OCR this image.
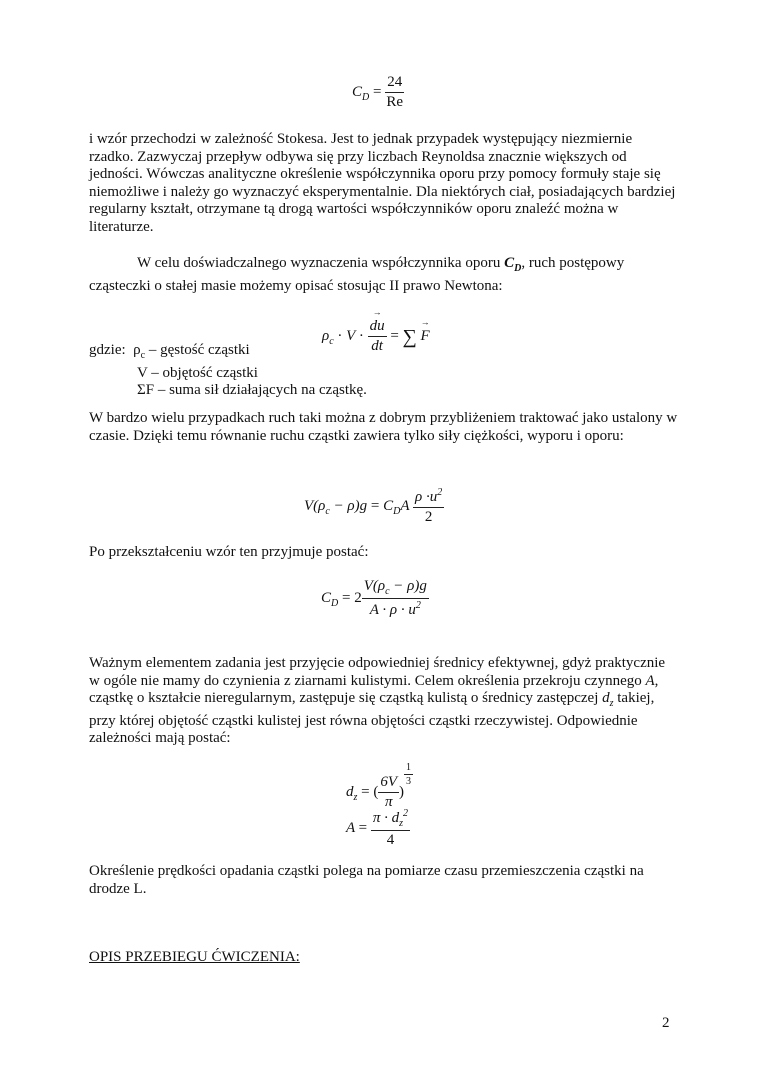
$C_D = \frac{24}{Re}$
i wzór przechodzi w zależność Stokesa. Jest to jednak przypadek występujący niezmiernie rzadko. Zazwyczaj przepływ odbywa się przy liczbach Reynoldsa znacznie większych od jedności. Wówczas analityczne określenie współczynnika oporu przy pomocy formuły staje się niemożliwe i należy go wyznaczyć eksperymentalnie. Dla niektórych ciał, posiadających bardziej regularny kształt, otrzymane tą drogą wartości współczynników oporu znaleźć można w literaturze.
W celu doświadczalnego wyznaczenia współczynnika oporu $C_D$, ruch postępowy cząsteczki o stałej masie możemy opisać stosując II prawo Newtona:
$\rho_c \cdot V$ · → $\frac{du}{dt}$ = ∑ → F
gdzie: $\rho_c$ – gęstość cząstki
V – objętość cząstki
ΣF – suma sił działających na cząstkę.
W bardzo wielu przypadkach ruch taki można z dobrym przybliżeniem traktować jako ustalony w czasie. Dzięki temu równanie ruchu cząstki zawiera tylko siły ciężkości, wyporu i oporu:
$V(\rho_c - \rho)g = C_DA \frac{\rho \cdot u^2}{2}$
Po przekształceniu wzór ten przyjmuje postać:
$C_D = 2 \frac{V(\rho_c - \rho)g}{A \cdot \rho \cdot u^2}$
Ważnym elementem zadania jest przyjęcie odpowiedniej średnicy efektywnej, gdyż praktycznie w ogóle nie mamy do czynienia z ziarnami kulistymi. Celem określenia przekroju czynnego A, cząstkę o kształcie nieregularnym, zastępuje się cząstką kulistą o średnicy zastępczej $d_z$ takiej, przy której objętość cząstki kulistej jest równa objętości cząstki rzeczywistej. Odpowiednie zależności mają postać:
$d_z$ = ( $\frac{6V}{\pi}$ )
$\frac{1}{3}$
$A = \frac{\pi \cdot d_z^2}{4}$
Określenie prędkości opadania cząstki polega na pomiarze czasu przemieszczenia cząstki na drodze L.
OPIS PRZEBIEGU ĆWICZENIA:
2
